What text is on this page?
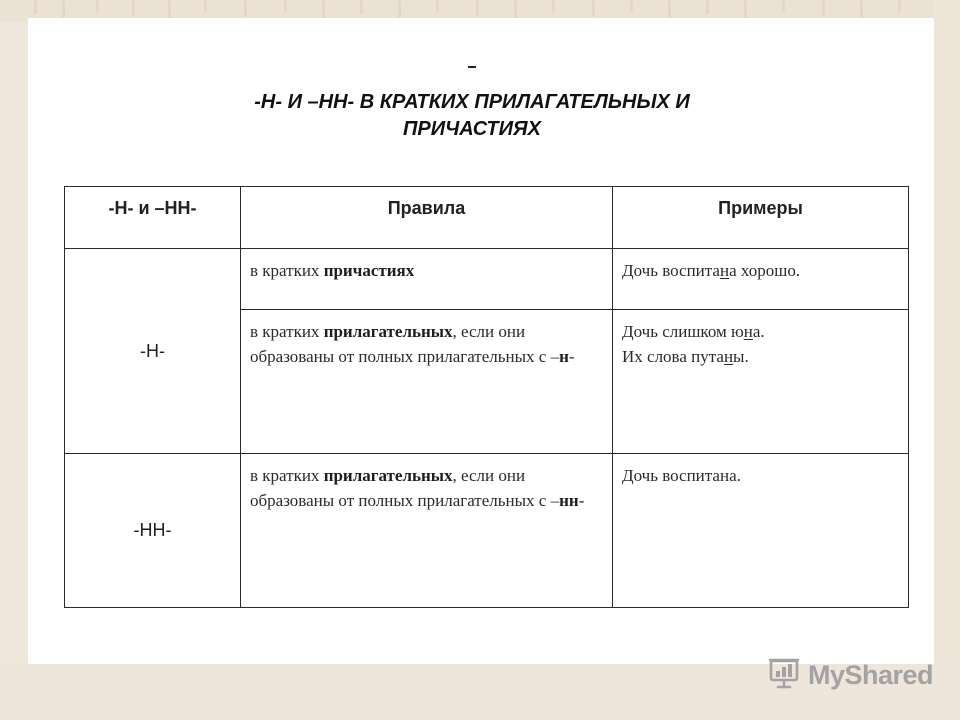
-Н- И –НН- В КРАТКИХ ПРИЛАГАТЕЛЬНЫХ И
ПРИЧАСТИЯХ
-Н- и –НН-	Правила	Примеры

-Н-	в кратких причастиях	Дочь воспитана хорошо.

	в кратких прилагательных, если они образованы от полных прилагательных с –н-	Дочь слишком юна.
Их слова путаны.

-НН-	в кратких прилагательных, если они образованы от полных прилагательных с –нн-	Дочь воспитана.
MyShared
